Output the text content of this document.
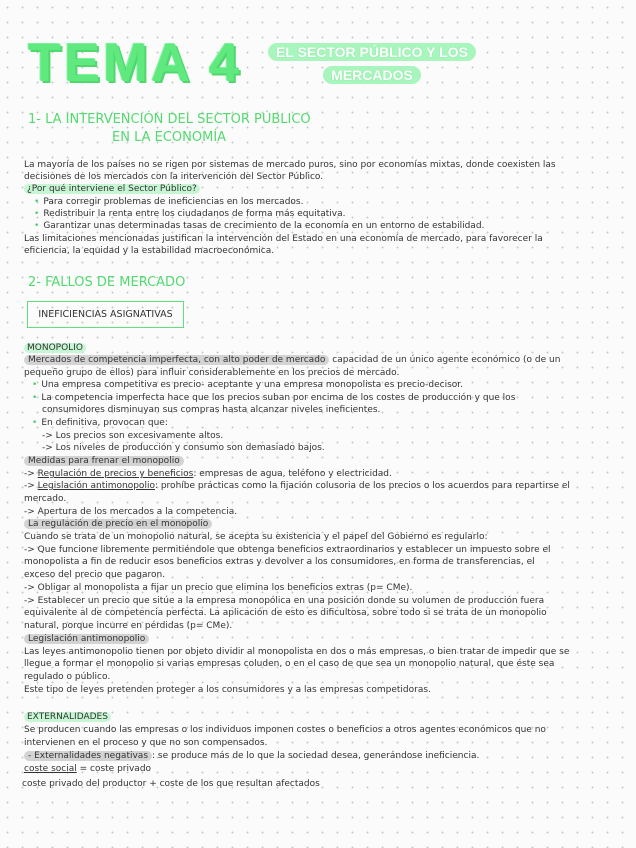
TEMA 4	EL SECTOR PÚBLICO Y LOS
MERCADOS
1- LA INTERVENCIÓN DEL SECTOR PÚBLICO
EN LA ECONOMÍA
La mayoría de los países no se rigen por sistemas de mercado puros, sino por economías mixtas, donde coexisten las
decisiones de los mercados con la intervención del Sector Público.
¿Por qué interviene el Sector Público?
• Para corregir problemas de ineficiencias en los mercados.
• Redistribuir la renta entre los ciudadanos de forma más equitativa.
• Garantizar unas determinadas tasas de crecimiento de la economía en un entorno de estabilidad.
Las limitaciones mencionadas justifican la intervención del Estado en una economía de mercado, para favorecer la
eficiencia, la equidad y la estabilidad macroeconómica.
2- FALLOS DE MERCADO
INEFICIENCIAS ASIGNATIVAS
MONOPOLIO
Mercados de competencia imperfecta, con alto poder de mercado capacidad de un único agente económico (o de un
pequeño grupo de ellos) para influir considerablemente en los precios de mercado.
• Una empresa competitiva es precio- aceptante y una empresa monopolista es precio-decisor.
• La competencia imperfecta hace que los precios suban por encima de los costes de producción y que los
consumidores disminuyan sus compras hasta alcanzar niveles ineficientes.
• En definitiva, provocan que:
-> Los precios son excesivamente altos.
-> Los niveles de producción y consumo son demasiado bajos.
Medidas para frenar el monopolio
-> Regulación de precios y beneficios: empresas de agua, teléfono y electricidad.
-> Legislación antimonopolio: prohíbe prácticas como la fijación colusoria de los precios o los acuerdos para repartirse el
mercado.
-> Apertura de los mercados a la competencia.
La regulación de precio en el monopolio
Cuando se trata de un monopolio natural, se acepta su existencia y el papel del Gobierno es regularlo:
-> Que funcione libremente permitiéndole que obtenga beneficios extraordinarios y establecer un impuesto sobre el
monopolista a fin de reducir esos beneficios extras y devolver a los consumidores, en forma de transferencias, el
exceso del precio que pagaron.
-> Obligar al monopolista a fijar un precio que elimina los beneficios extras (p= CMe).
-> Establecer un precio que sitúe a la empresa monopólica en una posición donde su volumen de producción fuera
equivalente al de competencia perfecta. La aplicación de esto es dificultosa, sobre todo si se trata de un monopolio
natural, porque incurre en pérdidas (p= CMe).
Legislación antimonopolio
Las leyes antimonopolio tienen por objeto dividir al monopolista en dos o más empresas, o bien tratar de impedir que se
llegue a formar el monopolio si varias empresas coluden, o en el caso de que sea un monopolio natural, que éste sea
regulado o público.
Este tipo de leyes pretenden proteger a los consumidores y a las empresas competidoras.
EXTERNALIDADES
Se producen cuando las empresas o los individuos imponen costes o beneficios a otros agentes económicos que no
intervienen en el proceso y que no son compensados.
- Externalidades negativas : se produce más de lo que la sociedad desea, generándose ineficiencia.
coste social = coste privado
coste privado del productor + coste de los que resultan afectados
